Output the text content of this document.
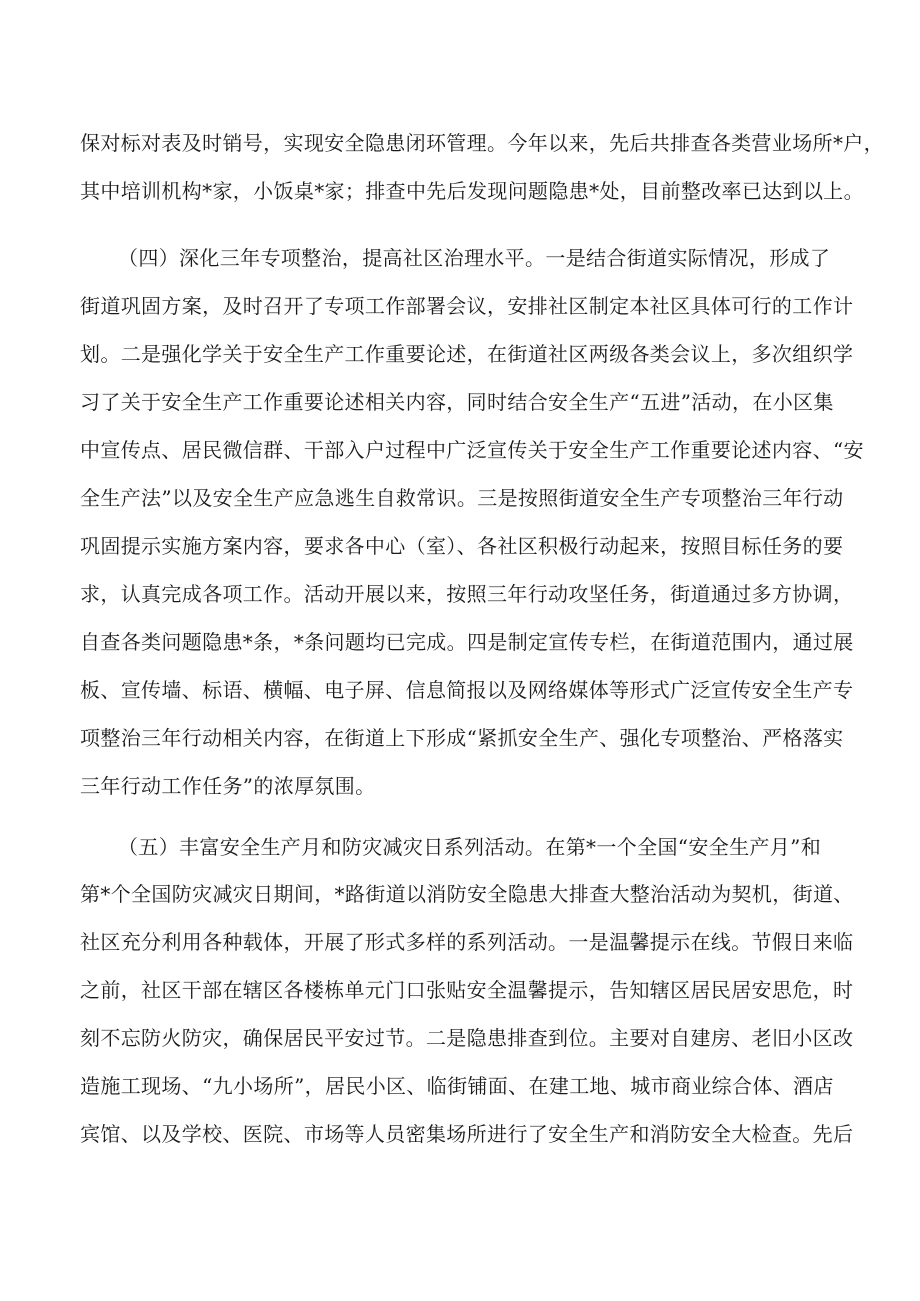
保对标对表及时销号，实现安全隐患闭环管理。今年以来，先后共排查各类营业场所*户，
其中培训机构*家，小饭桌*家；排查中先后发现问题隐患*处，目前整改率已达到以上。
（四）深化三年专项整治，提高社区治理水平。一是结合街道实际情况，形成了
街道巩固方案，及时召开了专项工作部署会议，安排社区制定本社区具体可行的工作计
划。二是强化学关于安全生产工作重要论述，在街道社区两级各类会议上，多次组织学
习了关于安全生产工作重要论述相关内容，同时结合安全生产“五进”活动，在小区集
中宣传点、居民微信群、干部入户过程中广泛宣传关于安全生产工作重要论述内容、“安
全生产法”以及安全生产应急逃生自救常识。三是按照街道安全生产专项整治三年行动
巩固提示实施方案内容，要求各中心（室）、各社区积极行动起来，按照目标任务的要
求，认真完成各项工作。活动开展以来，按照三年行动攻坚任务，街道通过多方协调，
自查各类问题隐患*条，*条问题均已完成。四是制定宣传专栏，在街道范围内，通过展
板、宣传墙、标语、横幅、电子屏、信息简报以及网络媒体等形式广泛宣传安全生产专
项整治三年行动相关内容，在街道上下形成“紧抓安全生产、强化专项整治、严格落实
三年行动工作任务”的浓厚氛围。
（五）丰富安全生产月和防灾减灾日系列活动。在第*一个全国“安全生产月”和
第*个全国防灾减灾日期间，*路街道以消防安全隐患大排查大整治活动为契机，街道、
社区充分利用各种载体，开展了形式多样的系列活动。一是温馨提示在线。节假日来临
之前，社区干部在辖区各楼栋单元门口张贴安全温馨提示，告知辖区居民居安思危，时
刻不忘防火防灾，确保居民平安过节。二是隐患排查到位。主要对自建房、老旧小区改
造施工现场、“九小场所”，居民小区、临街铺面、在建工地、城市商业综合体、酒店
宾馆、以及学校、医院、市场等人员密集场所进行了安全生产和消防安全大检查。先后
